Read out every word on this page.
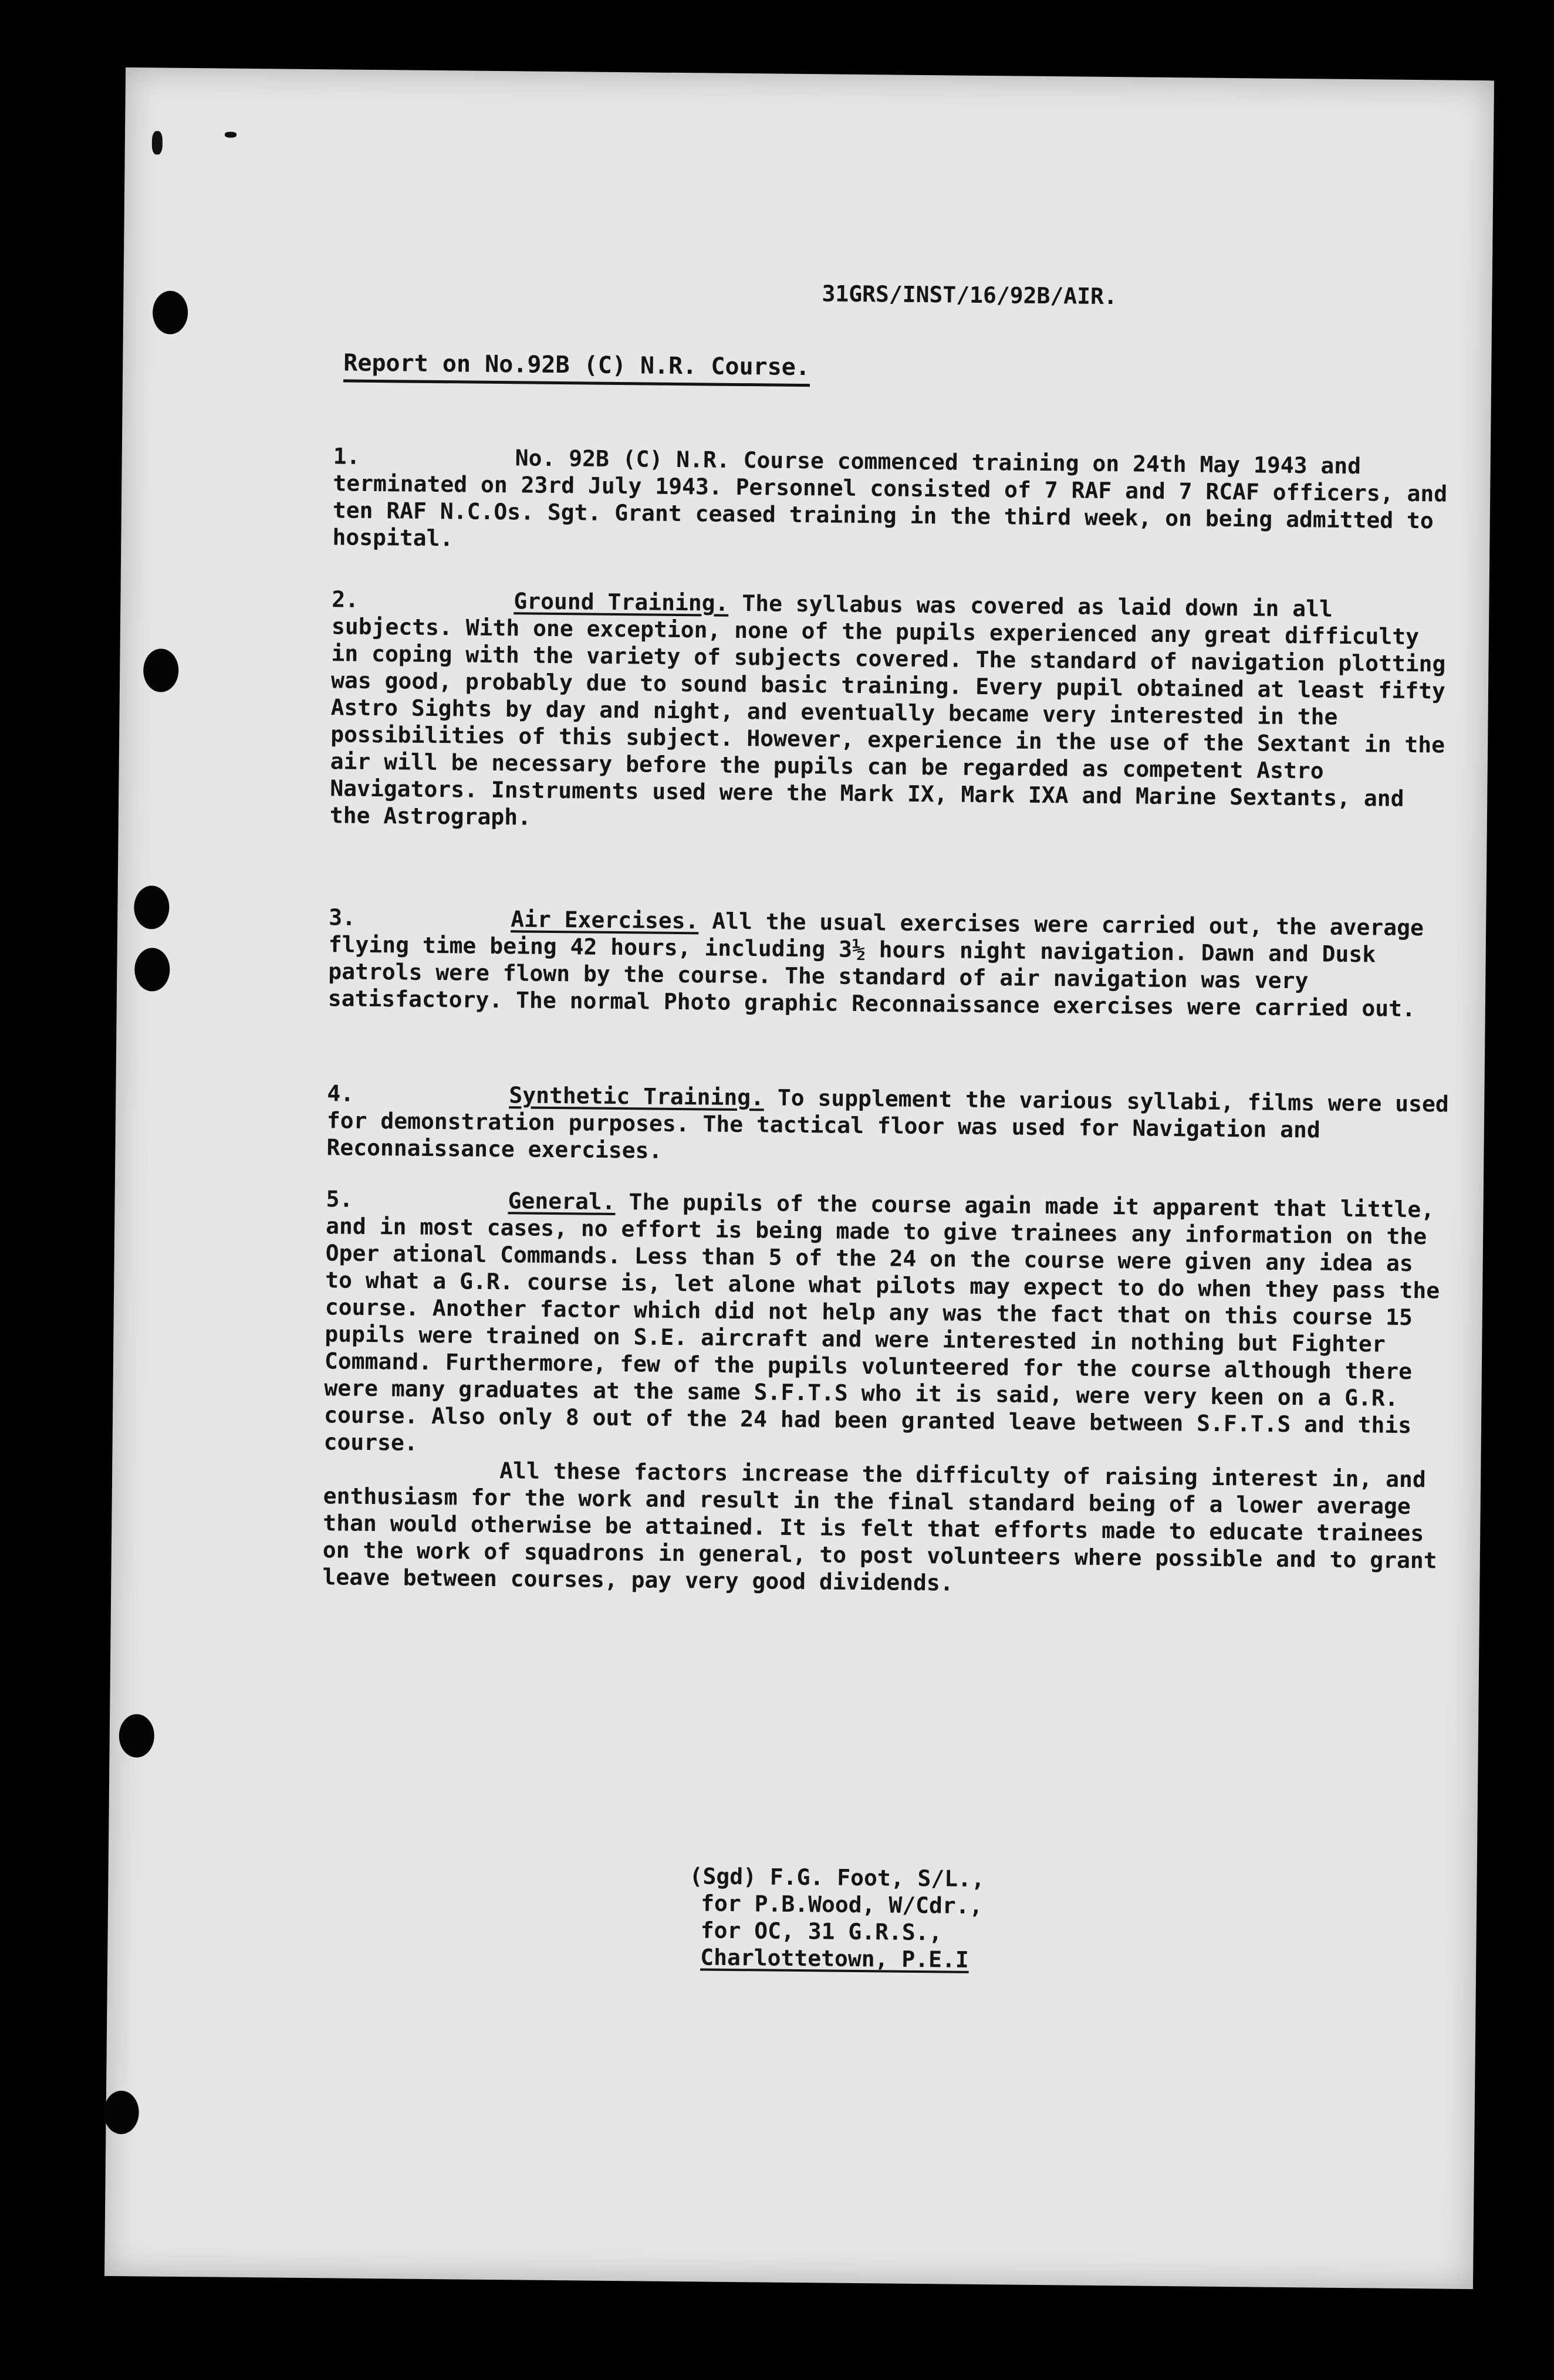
31GRS/INST/16/92B/AIR.
Report on No.92B (C) N.R. Course.
1.	No. 92B (C) N.R. Course commenced training on 24th May 1943 and terminated on 23rd July 1943. Personnel consisted of 7 RAF and 7 RCAF officers, and ten RAF N.C.Os. Sgt. Grant ceased training in the third week, on being admitted to hospital.
2.	Ground Training. The syllabus was covered as laid down in all subjects. With one exception, none of the pupils experienced any great difficulty in coping with the variety of subjects covered. The standard of navigation plotting was good, probably due to sound basic training. Every pupil obtained at least fifty Astro Sights by day and night, and eventually became very interested in the possibilities of this subject. However, experience in the use of the Sextant in the air will be necessary before the pupils can be regarded as competent Astro Navigators. Instruments used were the Mark IX, Mark IXA and Marine Sextants, and the Astrograph.
3.	Air Exercises. All the usual exercises were carried out, the average flying time being 42 hours, including 3½ hours night navigation. Dawn and Dusk patrols were flown by the course. The standard of air navigation was very satisfactory. The normal Photo graphic Reconnaissance exercises were carried out.
4.	Synthetic Training. To supplement the various syllabi, films were used for demonstration purposes. The tactical floor was used for Navigation and Reconnaissance exercises.
5.	General. The pupils of the course again made it apparent that little, and in most cases, no effort is being made to give trainees any information on the Oper ational Commands. Less than 5 of the 24 on the course were given any idea as to what a G.R. course is, let alone what pilots may expect to do when they pass the course. Another factor which did not help any was the fact that on this course 15 pupils were trained on S.E. aircraft and were interested in nothing but Fighter Command. Furthermore, few of the pupils volunteered for the course although there were many graduates at the same S.F.T.S who it is said, were very keen on a G.R. course. Also only 8 out of the 24 had been granted leave between S.F.T.S and this course.
All these factors increase the difficulty of raising interest in, and enthusiasm for the work and result in the final standard being of a lower average than would otherwise be attained. It is felt that efforts made to educate trainees on the work of squadrons in general, to post volunteers where possible and to grant leave between courses, pay very good dividends.
(Sgd) F.G. Foot, S/L.,
for P.B.Wood, W/Cdr.,
for OC, 31 G.R.S.,
Charlottetown, P.E.I
